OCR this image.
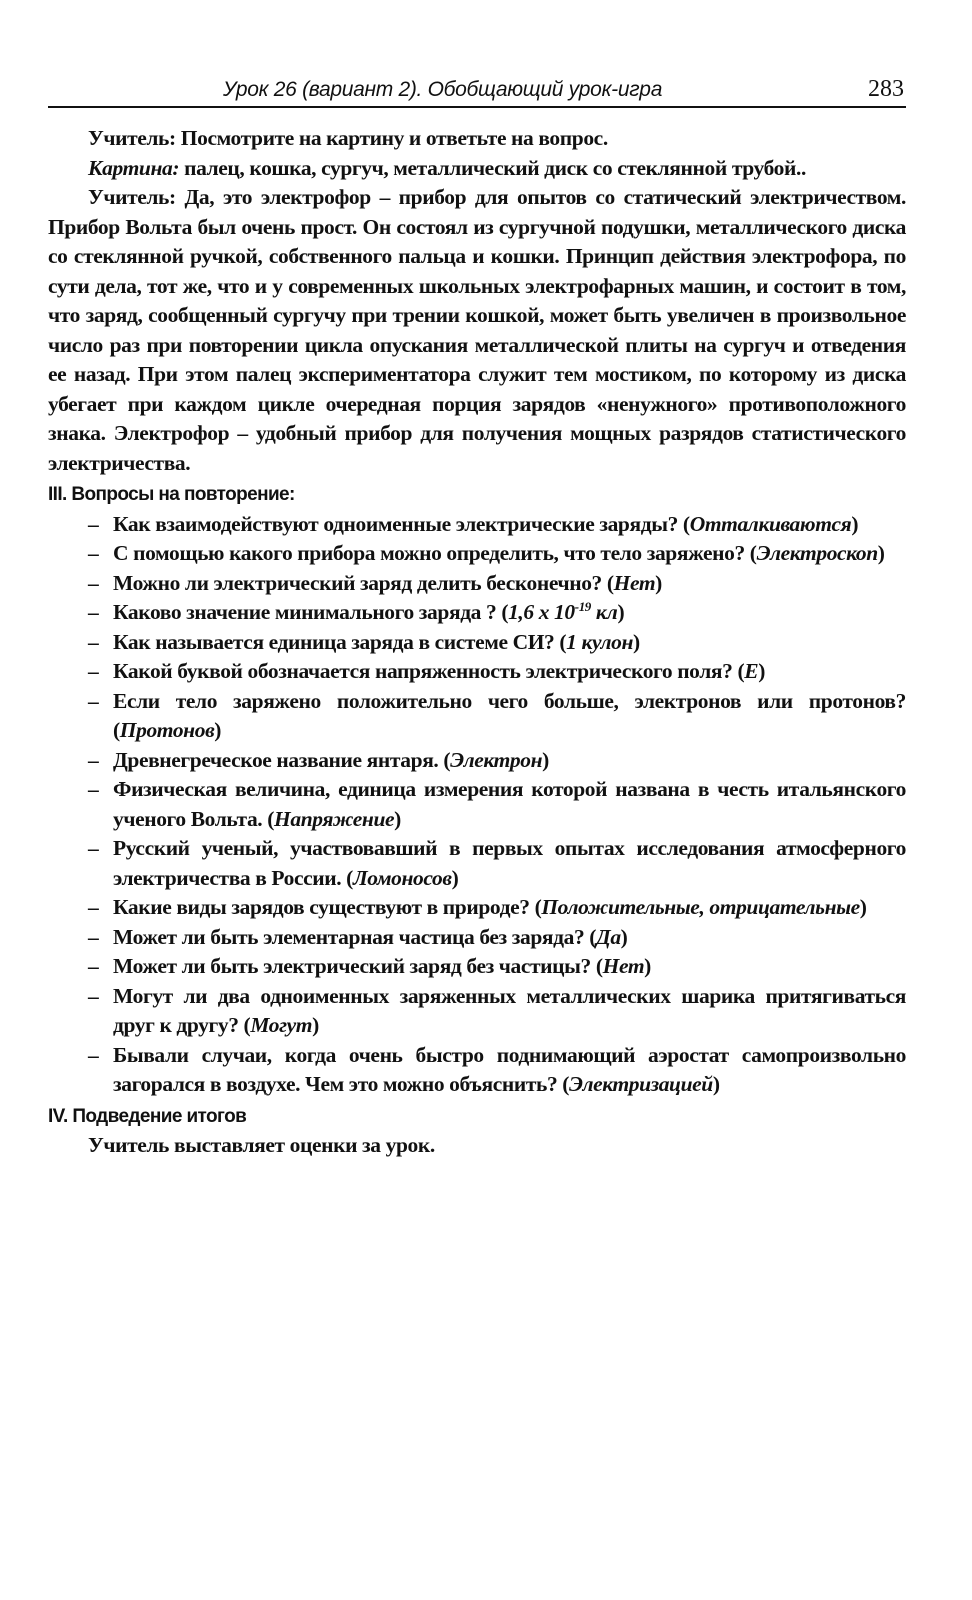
Урок 26 (вариант 2). Обобщающий урок-игра	283

Учитель: Посмотрите на картину и ответьте на вопрос.

Картина: палец, кошка, сургуч, металлический диск со стеклянной трубой..

Учитель: Да, это электрофор – прибор для опытов со статический электричеством. Прибор Вольта был очень прост. Он состоял из сургучной подушки, металлического диска со стеклянной ручкой, собственного пальца и кошки. Принцип действия электрофора, по сути дела, тот же, что и у современных школьных электрофарных машин, и состоит в том, что заряд, сообщенный сургучу при трении кошкой, может быть увеличен в произвольное число раз при повторении цикла опускания металлической плиты на сургуч и отведения ее назад. При этом палец экспериментатора служит тем мостиком, по которому из диска убегает при каждом цикле очередная порция зарядов «ненужного» противоположного знака. Электрофор – удобный прибор для получения мощных разрядов статистического электричества.

III. Вопросы на повторение:

– Как взаимодействуют одноименные электрические заряды? (Отталкиваются)
– С помощью какого прибора можно определить, что тело заряжено? (Электроскоп)
– Можно ли электрический заряд делить бесконечно? (Нет)
– Каково значение минимального заряда ? (1,6 х $10^{-19}$ кл)
– Как называется единица заряда в системе СИ? (1 кулон)
– Какой буквой обозначается напряженность электрического поля? (Е)
– Если тело заряжено положительно чего больше, электронов или протонов? (Протонов)
– Древнегреческое название янтаря. (Электрон)
– Физическая величина, единица измерения которой названа в честь итальянского ученого Вольта. (Напряжение)
– Русский ученый, участвовавший в первых опытах исследования атмосферного электричества в России. (Ломоносов)
– Какие виды зарядов существуют в природе? (Положительные, отрицательные)
– Может ли быть элементарная частица без заряда? (Да)
– Может ли быть электрический заряд без частицы? (Нет)
– Могут ли два одноименных заряженных металлических шарика притягиваться друг к другу? (Могут)
– Бывали случаи, когда очень быстро поднимающий аэростат самопроизвольно загорался в воздухе. Чем это можно объяснить? (Электризацией)

IV. Подведение итогов

Учитель выставляет оценки за урок.
